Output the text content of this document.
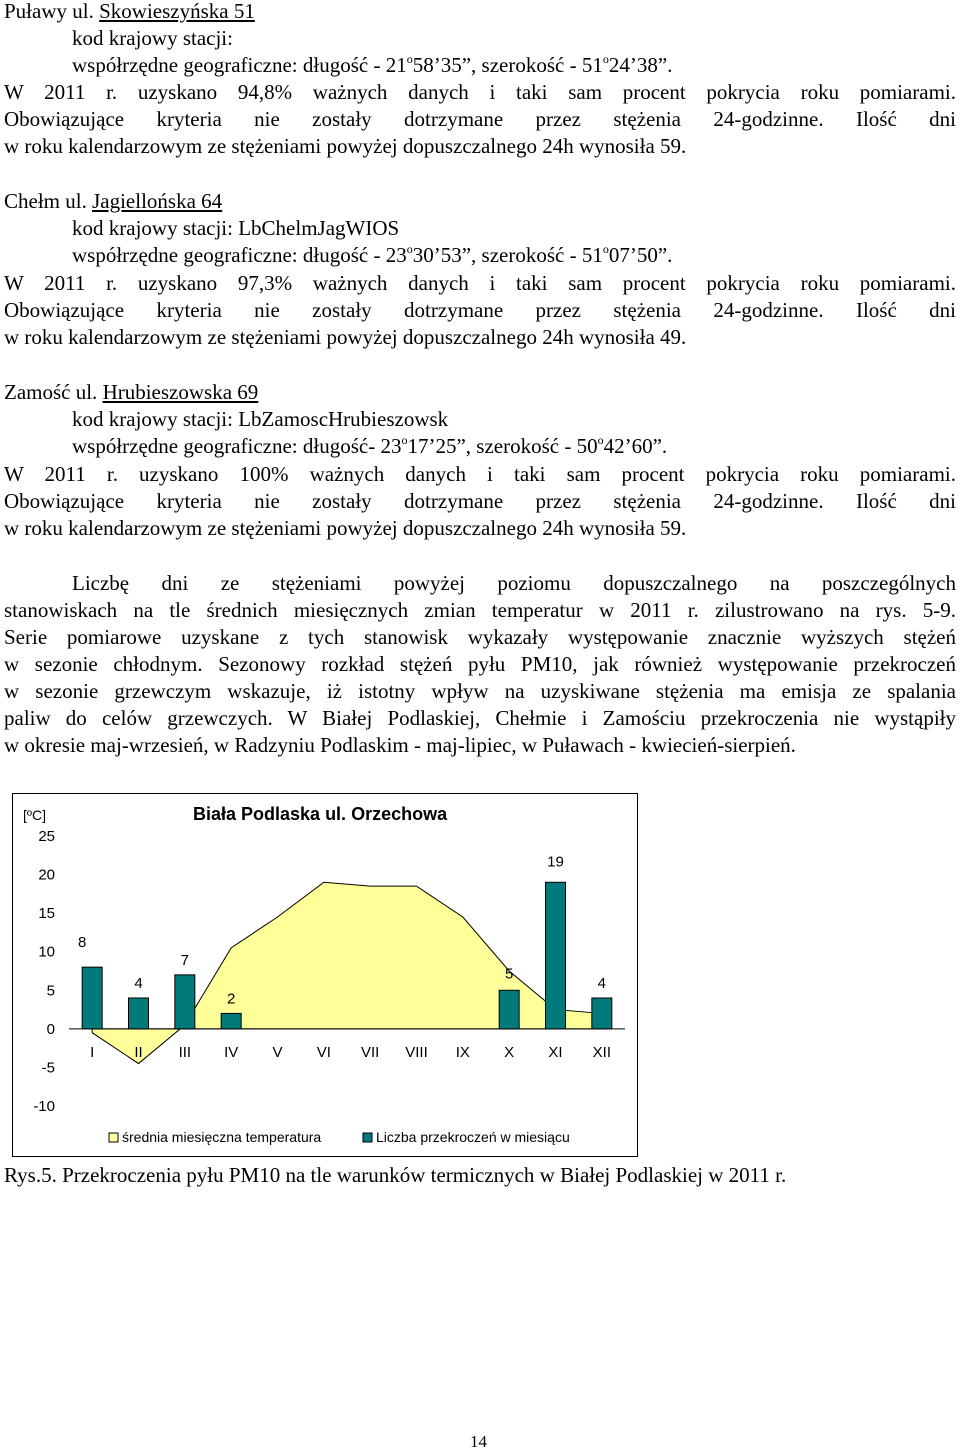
Puławy ul. Skowieszyńska 51
kod krajowy stacji:
współrzędne geograficzne: długość - 21$^o$58’35”, szerokość - 51$^o$24’38”.
W 2011 r. uzyskano 94,8% ważnych danych i taki sam procent pokrycia roku pomiarami.
Obowiązujące kryteria nie zostały dotrzymane przez stężenia 24-godzinne. Ilość dni
w roku kalendarzowym ze stężeniami powyżej dopuszczalnego 24h wynosiła 59.
Chełm ul. Jagiellońska 64
kod krajowy stacji: LbChelmJagWIOS
współrzędne geograficzne: długość - 23$^o$30’53”, szerokość - 51$^o$07’50”.
W 2011 r. uzyskano 97,3% ważnych danych i taki sam procent pokrycia roku pomiarami.
Obowiązujące kryteria nie zostały dotrzymane przez stężenia 24-godzinne. Ilość dni
w roku kalendarzowym ze stężeniami powyżej dopuszczalnego 24h wynosiła 49.
Zamość ul. Hrubieszowska 69
kod krajowy stacji: LbZamoscHrubieszowsk
współrzędne geograficzne: długość- 23$^o$17’25”, szerokość - 50$^o$42’60”.
W 2011 r. uzyskano 100% ważnych danych i taki sam procent pokrycia roku pomiarami.
Obowiązujące kryteria nie zostały dotrzymane przez stężenia 24-godzinne. Ilość dni
w roku kalendarzowym ze stężeniami powyżej dopuszczalnego 24h wynosiła 59.
Liczbę dni ze stężeniami powyżej poziomu dopuszczalnego na poszczególnych
stanowiskach na tle średnich miesięcznych zmian temperatur w 2011 r. zilustrowano na rys. 5-9.
Serie pomiarowe uzyskane z tych stanowisk wykazały występowanie znacznie wyższych stężeń
w sezonie chłodnym. Sezonowy rozkład stężeń pyłu PM10, jak również występowanie przekroczeń
w sezonie grzewczym wskazuje, iż istotny wpływ na uzyskiwane stężenia ma emisja ze spalania
paliw do celów grzewczych. W Białej Podlaskiej, Chełmie i Zamościu przekroczenia nie wystąpiły
w okresie maj-wrzesień, w Radzyniu Podlaskim - maj-lipiec, w Puławach - kwiecień-sierpień.
Biała Podlaska ul. Orzechowa
[ºC]
8
4
7
2
5
19
4
25
20
15
10
5
0
-5
-10
I	II III IV V VI VII VIII IX X XI XII
średnia miesięczna temperatura	Liczba przekroczeń w miesiącu
Rys.5. Przekroczenia pyłu PM10 na tle warunków termicznych w Białej Podlaskiej w 2011 r.
14
